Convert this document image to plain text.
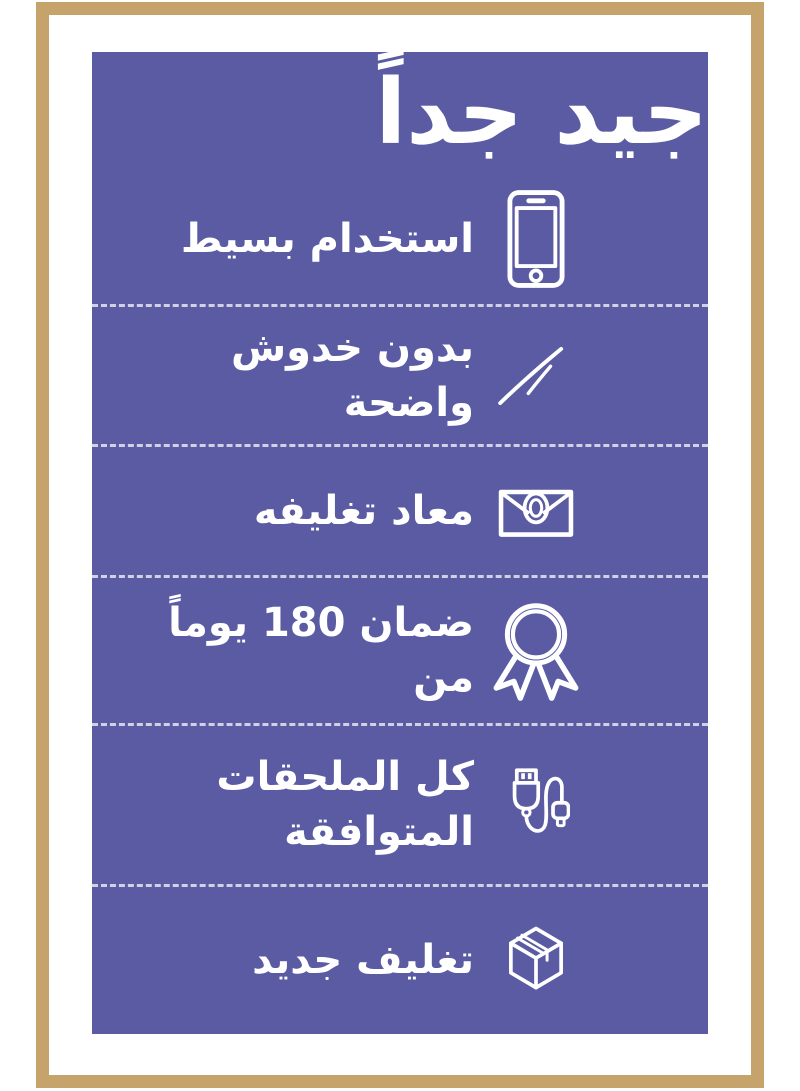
جيد جداً
استخدام بسيط
بدون خدوش
واضحة
معاد تغليفه
ضمان 180 يوماً
من
كل الملحقات
المتوافقة
تغليف جديد
